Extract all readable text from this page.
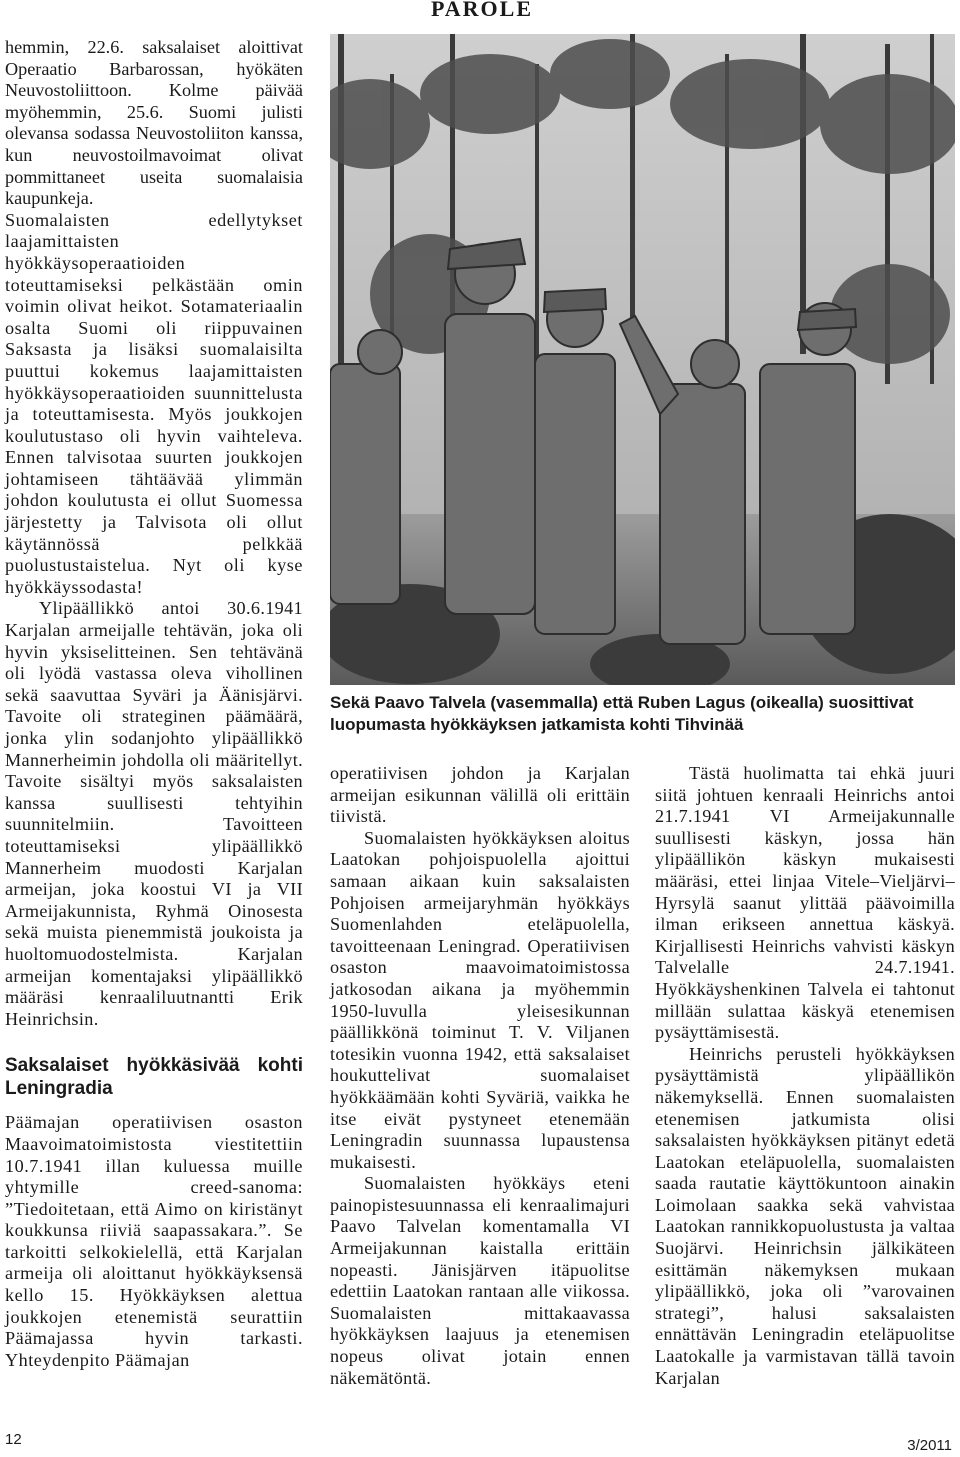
PAROLE

hemmin, 22.6. saksalaiset aloittivat Operaatio Barbarossan, hyökäten Neuvostoliittoon. Kolme päivää myöhemmin, 25.6. Suomi julisti olevansa sodassa Neuvostoliiton kanssa, kun neuvostoilmavoimat olivat pommittaneet useita suomalaisia kaupunkeja.

Suomalaisten edellytykset laajamittaisten hyökkäysoperaatioiden toteuttamiseksi pelkästään omin voimin olivat heikot. Sotamateriaalin osalta Suomi oli riippuvainen Saksasta ja lisäksi suomalaisilta puuttui kokemus laajamittaisten hyökkäysoperaatioiden suunnittelusta ja toteuttamisesta. Myös joukkojen koulutustaso oli hyvin vaihteleva. Ennen talvisotaa suurten joukkojen johtamiseen tähtäävää ylimmän johdon koulutusta ei ollut Suomessa järjestetty ja Talvisota oli ollut käytännössä pelkkää puolustustaistelua. Nyt oli kyse hyökkäyssodasta!

Ylipäällikkö antoi 30.6.1941 Karjalan armeijalle tehtävän, joka oli hyvin yksiselitteinen. Sen tehtävänä oli lyödä vastassa oleva vihollinen sekä saavuttaa Syväri ja Äänisjärvi. Tavoite oli strateginen päämäärä, jonka ylin sodanjohto ylipäällikkö Mannerheimin johdolla oli määritellyt. Tavoite sisältyi myös saksalaisten kanssa suullisesti tehtyihin suunnitelmiin. Tavoitteen toteuttamiseksi ylipäällikkö Mannerheim muodosti Karjalan armeijan, joka koostui VI ja VII Armeijakunnista, Ryhmä Oinosesta sekä muista pienemmistä joukoista ja huoltomuodostelmista. Karjalan armeijan komentajaksi ylipäällikkö määräsi kenraaliluutnantti Erik Heinrichsin.

Saksalaiset hyökkäsivää kohti Leningradia

Päämajan operatiivisen osaston Maavoimatoimistosta viestitettiin 10.7.1941 illan kuluessa muille yhtymille creed-sanoma: ”Tiedoitetaan, että Aimo on kiristänyt koukkunsa riiviä saapassakara.”. Se tarkoitti selkokielellä, että Karjalan armeija oli aloittanut hyökkäyksensä kello 15. Hyökkäyksen alettua joukkojen etenemistä seurattiin Päämajassa hyvin tarkasti. Yhteydenpito Päämajan

Sekä Paavo Talvela (vasemmalla) että Ruben Lagus (oikealla) suosittivat luopumasta hyökkäyksen jatkamista kohti Tihvinää

operatiivisen johdon ja Karjalan armeijan esikunnan välillä oli erittäin tiivistä.

Suomalaisten hyökkäyksen aloitus Laatokan pohjoispuolella ajoittui samaan aikaan kuin saksalaisten Pohjoisen armeijaryhmän hyökkäys Suomenlahden eteläpuolella, tavoitteenaan Leningrad. Operatiivisen osaston maavoimatoimistossa jatkosodan aikana ja myöhemmin 1950-luvulla yleisesikunnan päällikkönä toiminut T. V. Viljanen totesikin vuonna 1942, että saksalaiset houkuttelivat suomalaiset hyökkäämään kohti Syväriä, vaikka he itse eivät pystyneet etenemään Leningradin suunnassa lupaustensa mukaisesti.

Suomalaisten hyökkäys eteni painopistesuunnassa eli kenraalimajuri Paavo Talvelan komentamalla VI Armeijakunnan kaistalla erittäin nopeasti. Jänisjärven itäpuolitse edettiin Laatokan rantaan alle viikossa. Suomalaisten mittakaavassa hyökkäyksen laajuus ja etenemisen nopeus olivat jotain ennen näkemätöntä.

Tästä huolimatta tai ehkä juuri siitä johtuen kenraali Heinrichs antoi 21.7.1941 VI Armeijakunnalle suullisesti käskyn, jossa hän ylipäällikön käskyn mukaisesti määräsi, ettei linjaa Vitele–Vieljärvi–Hyrsylä saanut ylittää päävoimilla ilman erikseen annettua käskyä. Kirjallisesti Heinrichs vahvisti käskyn Talvelalle 24.7.1941. Hyökkäyshenkinen Talvela ei tahtonut millään sulattaa käskyä etenemisen pysäyttämisestä.

Heinrichs perusteli hyökkäyksen pysäyttämistä ylipäällikön näkemyksellä. Ennen suomalaisten etenemisen jatkumista olisi saksalaisten hyökkäyksen pitänyt edetä Laatokan eteläpuolella, suomalaisten saada rautatie käyttökuntoon ainakin Loimolaan saakka sekä vahvistaa Laatokan rannikkopuolustusta ja valtaa Suojärvi. Heinrichsin jälkikäteen esittämän näkemyksen mukaan ylipäällikkö, joka oli ”varovainen strategi”, halusi saksalaisten ennättävän Leningradin eteläpuolitse Laatokalle ja varmistavan tällä tavoin Karjalan

12	3/2011
